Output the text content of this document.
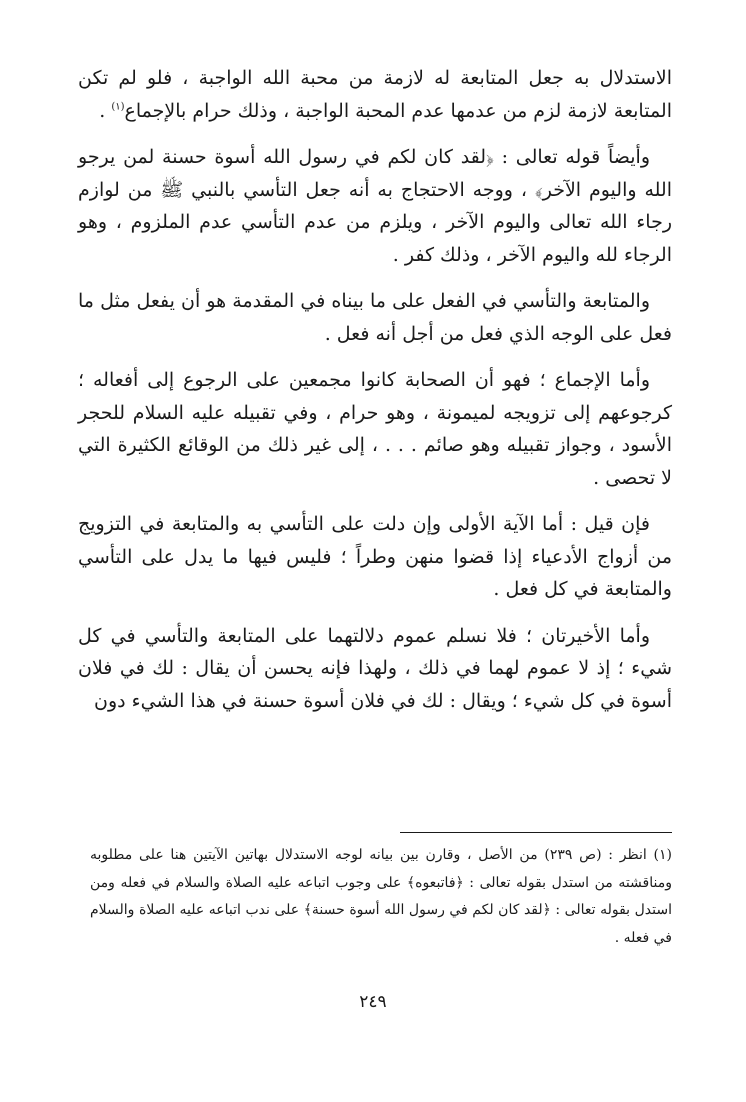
الاستدلال به جعل المتابعة له لازمة من محبة الله الواجبة ، فلو لم تكن المتابعة لازمة لزم من عدمها عدم المحبة الواجبة ، وذلك حرام بالإجماع$^{(١)}$ .

وأيضاً قوله تعالى : ﴿لقد كان لكم في رسول الله أسوة حسنة لمن يرجو الله واليوم الآخر﴾ ، ووجه الاحتجاج به أنه جعل التأسي بالنبي ﷺ من لوازم رجاء الله تعالى واليوم الآخر ، ويلزم من عدم التأسي عدم الملزوم ، وهو الرجاء لله واليوم الآخر ، وذلك كفر .

والمتابعة والتأسي في الفعل على ما بيناه في المقدمة هو أن يفعل مثل ما فعل على الوجه الذي فعل من أجل أنه فعل .

وأما الإجماع ؛ فهو أن الصحابة كانوا مجمعين على الرجوع إلى أفعاله ؛ كرجوعهم إلى تزويجه لميمونة ، وهو حرام ، وفي تقبيله عليه السلام للحجر الأسود ، وجواز تقبيله وهو صائم . . . ، إلى غير ذلك من الوقائع الكثيرة التي لا تحصى .

فإن قيل : أما الآية الأولى وإن دلت على التأسي به والمتابعة في التزويج من أزواج الأدعياء إذا قضوا منهن وطراً ؛ فليس فيها ما يدل على التأسي والمتابعة في كل فعل .

وأما الأخيرتان ؛ فلا نسلم عموم دلالتهما على المتابعة والتأسي في كل شيء ؛ إذ لا عموم لهما في ذلك ، ولهذا فإنه يحسن أن يقال : لك في فلان أسوة في كل شيء ؛ ويقال : لك في فلان أسوة حسنة في هذا الشيء دون

(١) انظر : (ص ٢٣٩) من الأصل ، وقارن بين بيانه لوجه الاستدلال بهاتين الآيتين هنا على مطلوبه ومناقشته من استدل بقوله تعالى : ﴿فاتبعوه﴾ على وجوب اتباعه عليه الصلاة والسلام في فعله ومن استدل بقوله تعالى : ﴿لقد كان لكم في رسول الله أسوة حسنة﴾ على ندب اتباعه عليه الصلاة والسلام في فعله .
٢٤٩
